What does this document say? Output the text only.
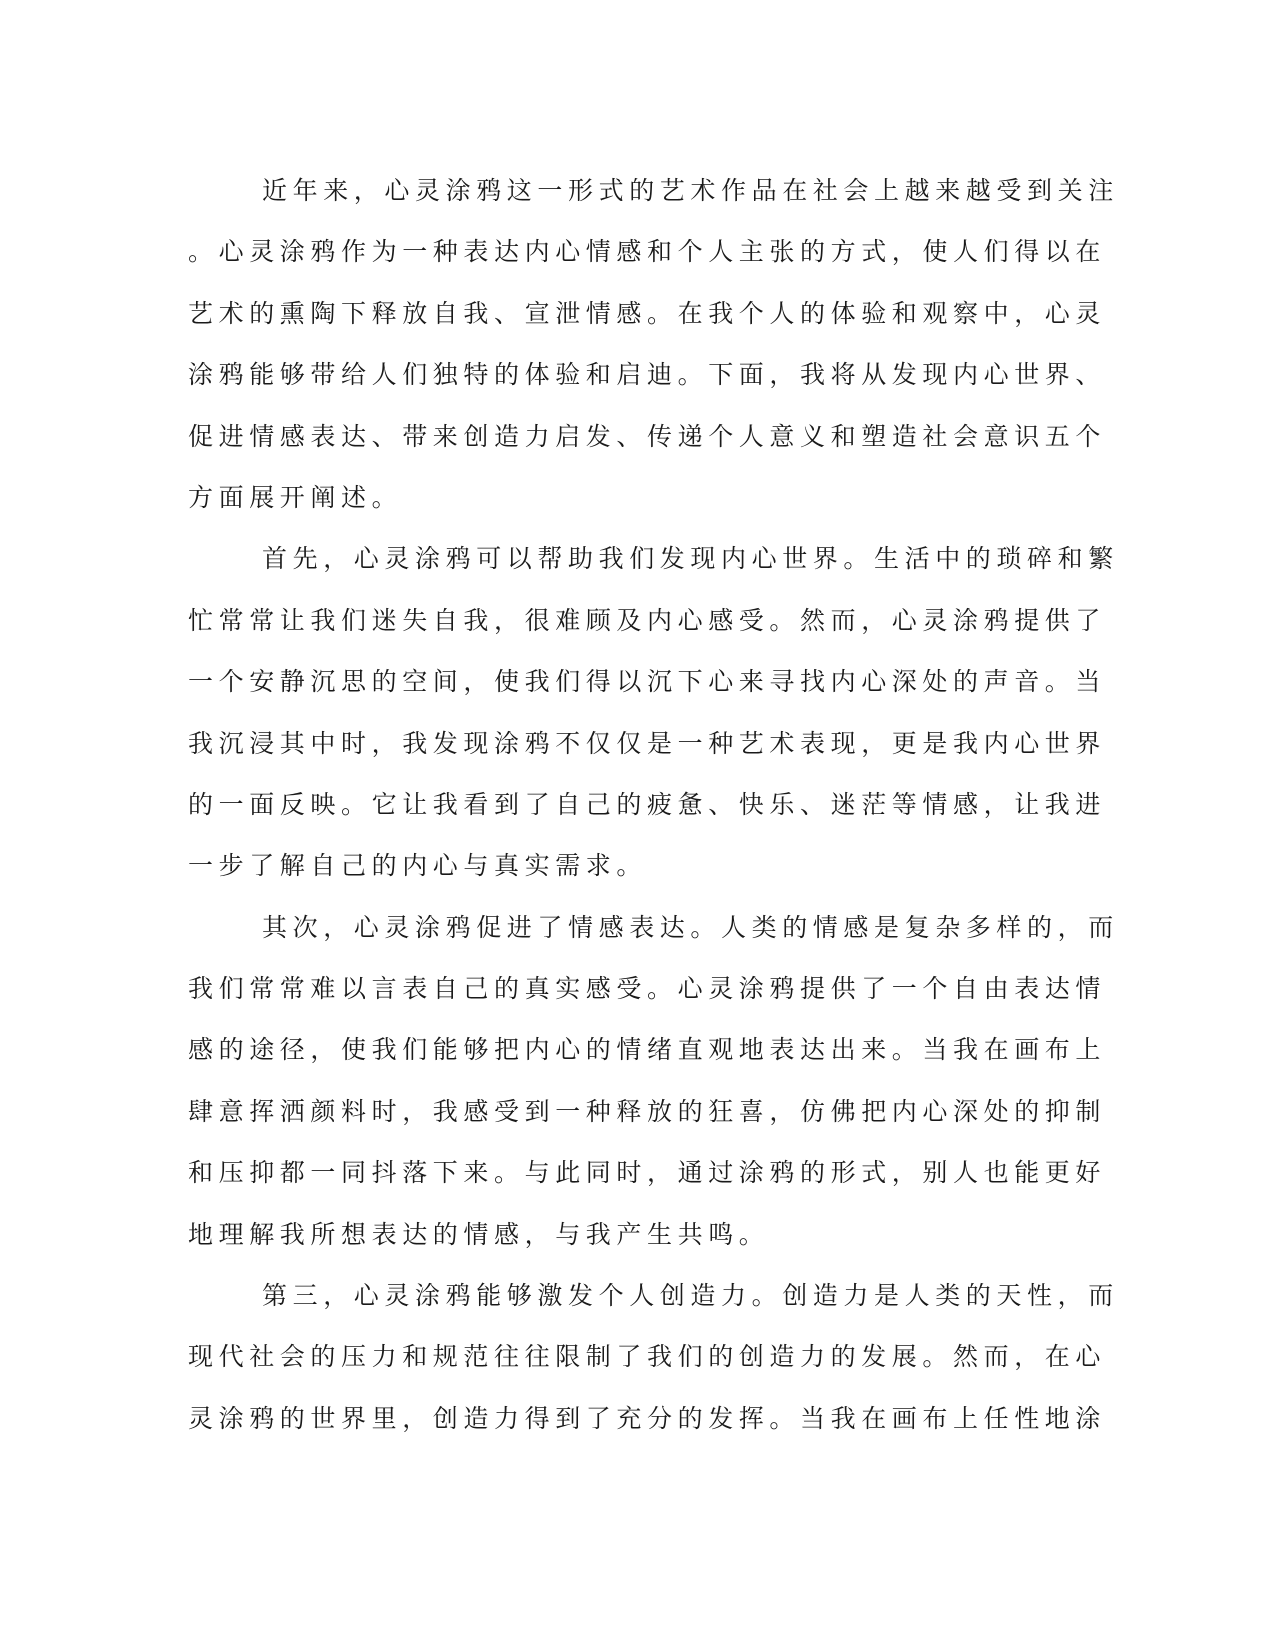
近年来，心灵涂鸦这一形式的艺术作品在社会上越来越受到关注
。心灵涂鸦作为一种表达内心情感和个人主张的方式，使人们得以在
艺术的熏陶下释放自我、宣泄情感。在我个人的体验和观察中，心灵
涂鸦能够带给人们独特的体验和启迪。下面，我将从发现内心世界、
促进情感表达、带来创造力启发、传递个人意义和塑造社会意识五个
方面展开阐述。
首先，心灵涂鸦可以帮助我们发现内心世界。生活中的琐碎和繁
忙常常让我们迷失自我，很难顾及内心感受。然而，心灵涂鸦提供了
一个安静沉思的空间，使我们得以沉下心来寻找内心深处的声音。当
我沉浸其中时，我发现涂鸦不仅仅是一种艺术表现，更是我内心世界
的一面反映。它让我看到了自己的疲惫、快乐、迷茫等情感，让我进
一步了解自己的内心与真实需求。
其次，心灵涂鸦促进了情感表达。人类的情感是复杂多样的，而
我们常常难以言表自己的真实感受。心灵涂鸦提供了一个自由表达情
感的途径，使我们能够把内心的情绪直观地表达出来。当我在画布上
肆意挥洒颜料时，我感受到一种释放的狂喜，仿佛把内心深处的抑制
和压抑都一同抖落下来。与此同时，通过涂鸦的形式，别人也能更好
地理解我所想表达的情感，与我产生共鸣。
第三，心灵涂鸦能够激发个人创造力。创造力是人类的天性，而
现代社会的压力和规范往往限制了我们的创造力的发展。然而，在心
灵涂鸦的世界里，创造力得到了充分的发挥。当我在画布上任性地涂
